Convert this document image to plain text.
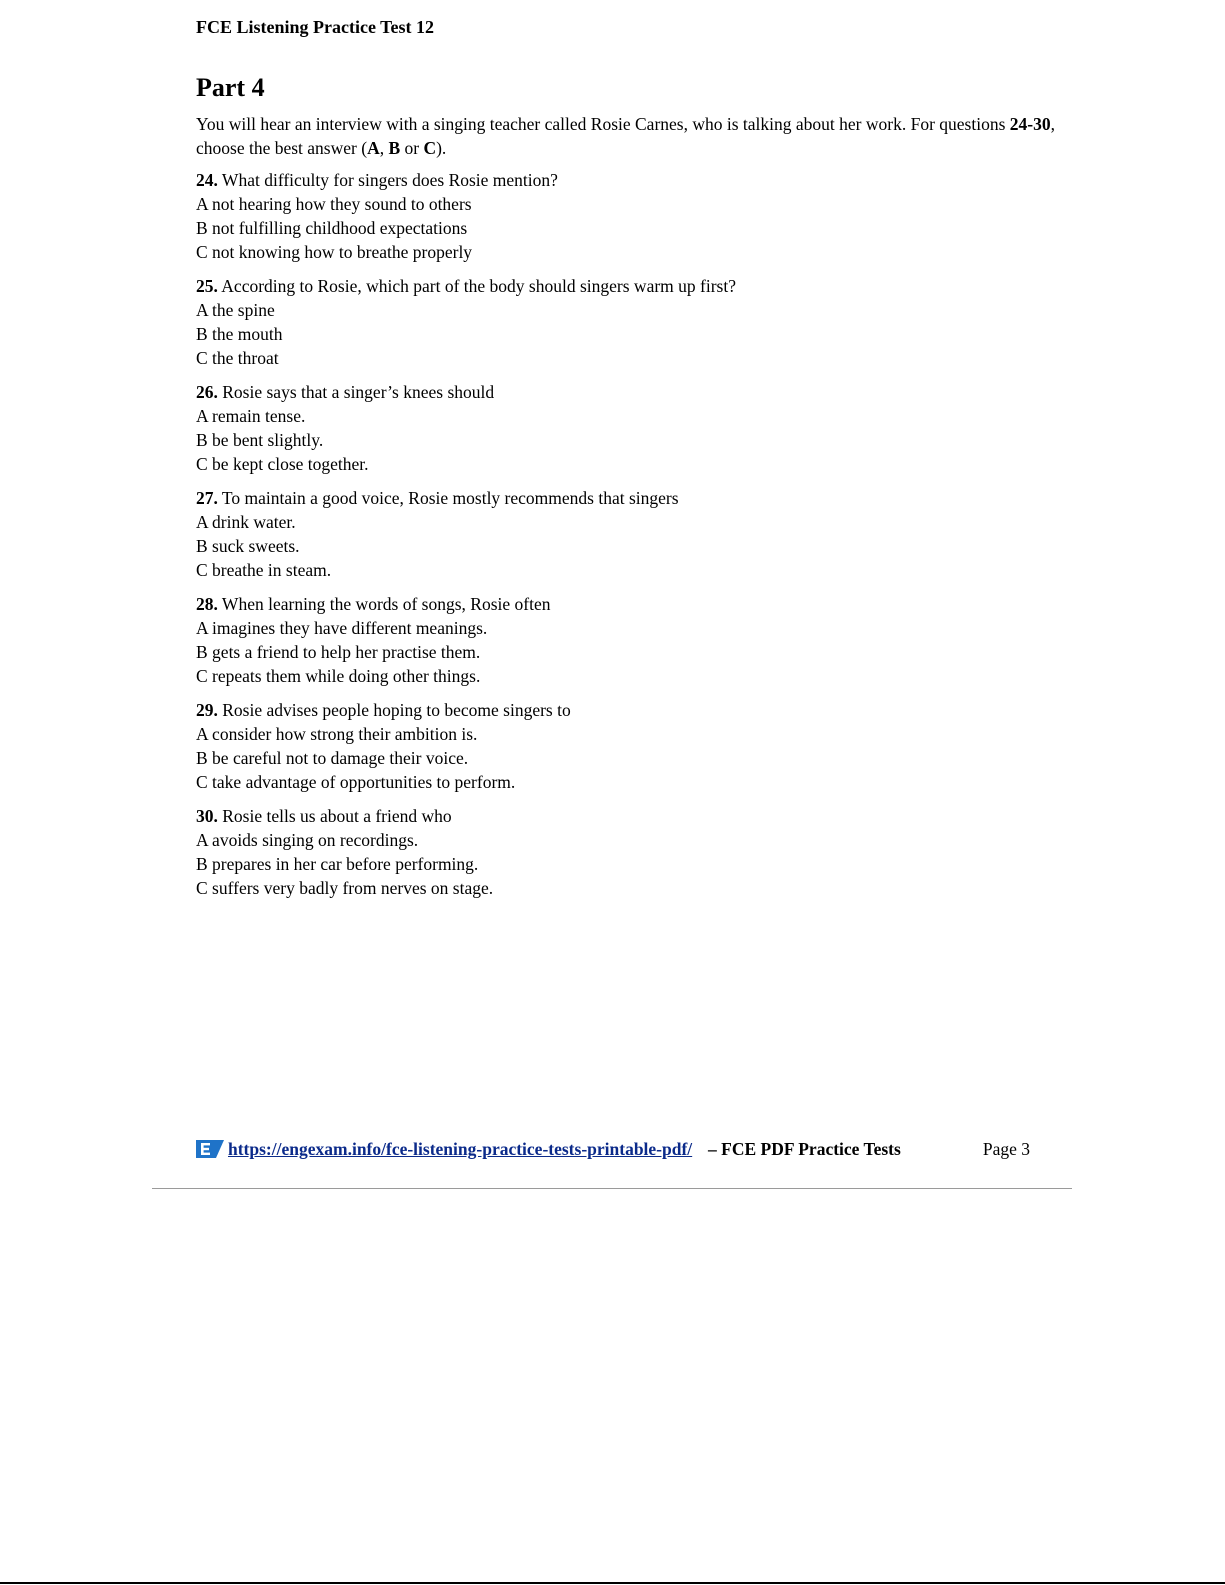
FCE Listening Practice Test 12
Part 4

You will hear an interview with a singing teacher called Rosie Carnes, who is talking about her work. For questions 24-30, choose the best answer (A, B or C).

24. What difficulty for singers does Rosie mention?
A not hearing how they sound to others
B not fulfilling childhood expectations
C not knowing how to breathe properly
25. According to Rosie, which part of the body should singers warm up first?
A the spine
B the mouth
C the throat
26. Rosie says that a singer’s knees should
A remain tense.
B be bent slightly.
C be kept close together.
27. To maintain a good voice, Rosie mostly recommends that singers
A drink water.
B suck sweets.
C breathe in steam.
28. When learning the words of songs, Rosie often
A imagines they have different meanings.
B gets a friend to help her practise them.
C repeats them while doing other things.
29. Rosie advises people hoping to become singers to
A consider how strong their ambition is.
B be careful not to damage their voice.
C take advantage of opportunities to perform.
30. Rosie tells us about a friend who
A avoids singing on recordings.
B prepares in her car before performing.
C suffers very badly from nerves on stage.
https://engexam.info/fce-listening-practice-tests-printable-pdf/ – FCE PDF Practice Tests	Page 3
